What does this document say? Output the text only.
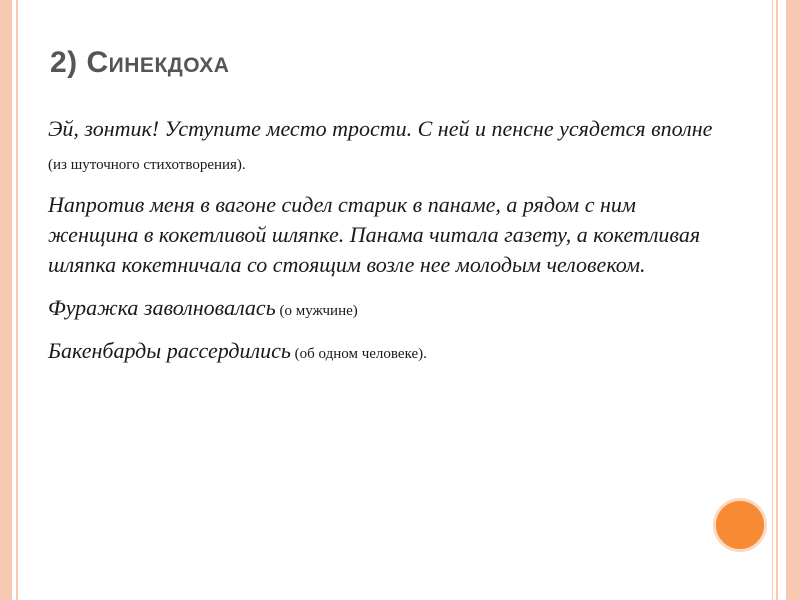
2) Синекдоха

Эй, зонтик! Уступите место трости. С ней и пенсне усядется вполне (из шуточного стихотворения).

Напротив меня в вагоне сидел старик в панаме, а рядом с ним женщина в кокетливой шляпке. Панама читала газету, а кокетливая шляпка кокетничала со стоящим возле нее молодым человеком.

Фуражка заволновалась (о мужчине)

Бакенбарды рассердились (об одном человеке).
